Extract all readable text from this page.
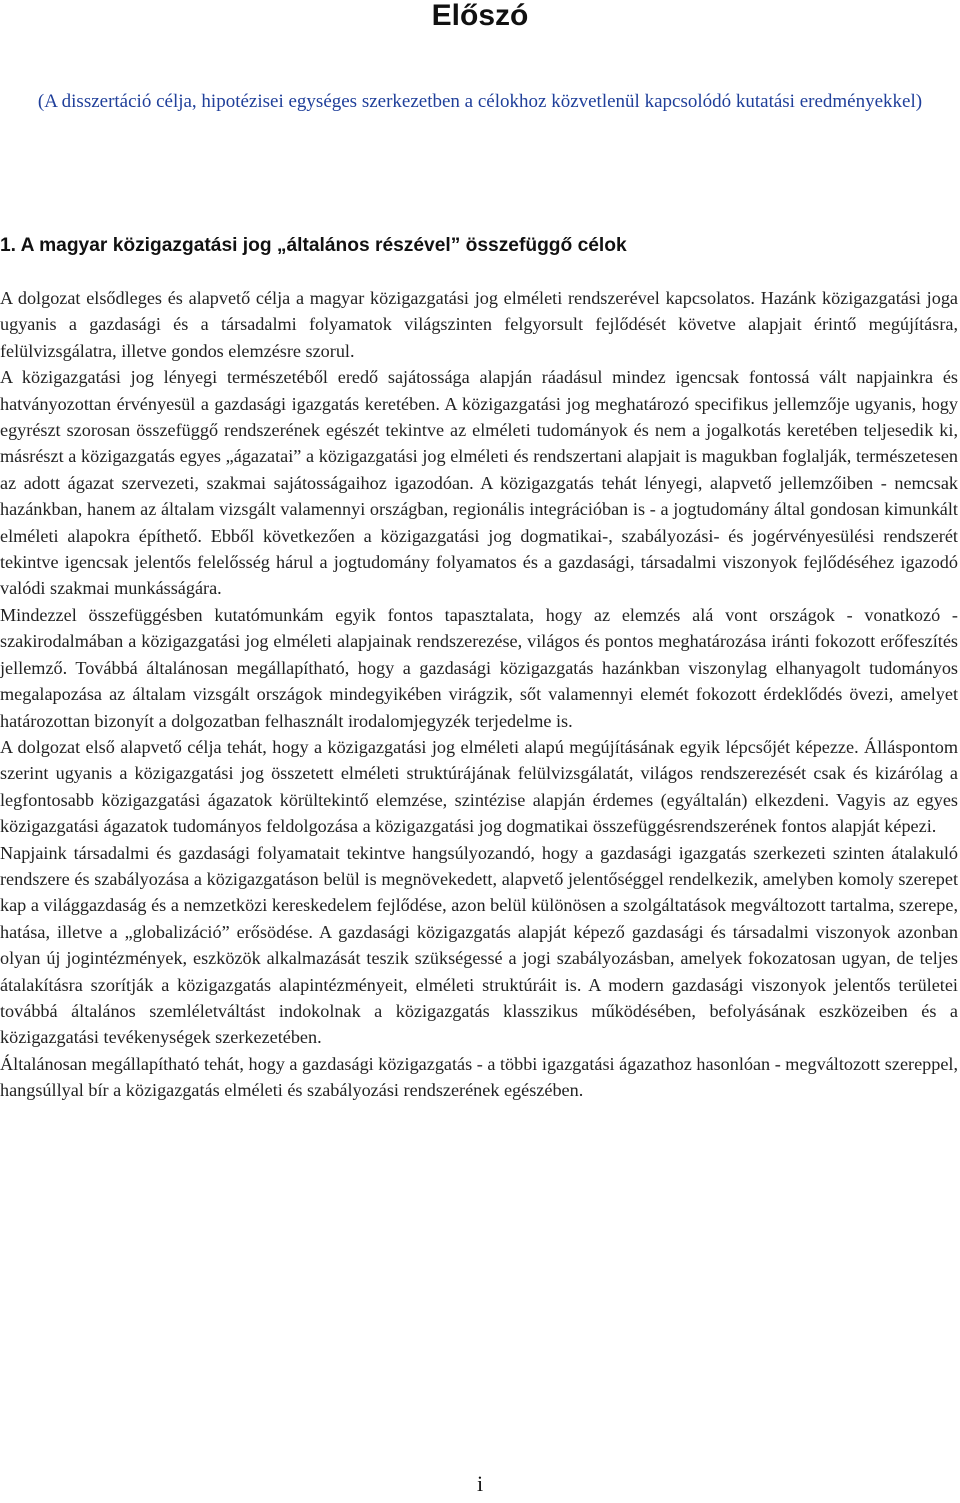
Előszó

(A disszertáció célja, hipotézisei egységes szerkezetben a célokhoz közvetlenül kapcsolódó kutatási eredményekkel)

1. A magyar közigazgatási jog „általános részével” összefüggő célok

A dolgozat elsődleges és alapvető célja a magyar közigazgatási jog elméleti rendszerével kapcsolatos. Hazánk közigazgatási joga ugyanis a gazdasági és a társadalmi folyamatok világszinten felgyorsult fejlődését követve alapjait érintő megújításra, felülvizsgálatra, illetve gondos elemzésre szorul.

A közigazgatási jog lényegi természetéből eredő sajátossága alapján ráadásul mindez igencsak fontossá vált napjainkra és hatványozottan érvényesül a gazdasági igazgatás keretében. A közigazgatási jog meghatározó specifikus jellemzője ugyanis, hogy egyrészt szorosan összefüggő rendszerének egészét tekintve az elméleti tudományok és nem a jogalkotás keretében teljesedik ki, másrészt a közigazgatás egyes „ágazatai” a közigazgatási jog elméleti és rendszertani alapjait is magukban foglalják, természetesen az adott ágazat szervezeti, szakmai sajátosságaihoz igazodóan. A közigazgatás tehát lényegi, alapvető jellemzőiben - nemcsak hazánkban, hanem az általam vizsgált valamennyi országban, regionális integrációban is - a jogtudomány által gondosan kimunkált elméleti alapokra építhető. Ebből következően a közigazgatási jog dogmatikai-, szabályozási- és jogérvényesülési rendszerét tekintve igencsak jelentős felelősség hárul a jogtudomány folyamatos és a gazdasági, társadalmi viszonyok fejlődéséhez igazodó valódi szakmai munkásságára.

Mindezzel összefüggésben kutatómunkám egyik fontos tapasztalata, hogy az elemzés alá vont országok - vonatkozó - szakirodalmában a közigazgatási jog elméleti alapjainak rendszerezése, világos és pontos meghatározása iránti fokozott erőfeszítés jellemző. Továbbá általánosan megállapítható, hogy a gazdasági közigazgatás hazánkban viszonylag elhanyagolt tudományos megalapozása az általam vizsgált országok mindegyikében virágzik, sőt valamennyi elemét fokozott érdeklődés övezi, amelyet határozottan bizonyít a dolgozatban felhasznált irodalomjegyzék terjedelme is.

A dolgozat első alapvető célja tehát, hogy a közigazgatási jog elméleti alapú megújításának egyik lépcsőjét képezze. Álláspontom szerint ugyanis a közigazgatási jog összetett elméleti struktúrájának felülvizsgálatát, világos rendszerezését csak és kizárólag a legfontosabb közigazgatási ágazatok körültekintő elemzése, szintézise alapján érdemes (egyáltalán) elkezdeni. Vagyis az egyes közigazgatási ágazatok tudományos feldolgozása a közigazgatási jog dogmatikai összefüggésrendszerének fontos alapját képezi.

Napjaink társadalmi és gazdasági folyamatait tekintve hangsúlyozandó, hogy a gazdasági igazgatás szerkezeti szinten átalakuló rendszere és szabályozása a közigazgatáson belül is megnövekedett, alapvető jelentőséggel rendelkezik, amelyben komoly szerepet kap a világgazdaság és a nemzetközi kereskedelem fejlődése, azon belül különösen a szolgáltatások megváltozott tartalma, szerepe, hatása, illetve a „globalizáció” erősödése. A gazdasági közigazgatás alapját képező gazdasági és társadalmi viszonyok azonban olyan új jogintézmények, eszközök alkalmazását teszik szükségessé a jogi szabályozásban, amelyek fokozatosan ugyan, de teljes átalakításra szorítják a közigazgatás alapintézményeit, elméleti struktúráit is. A modern gazdasági viszonyok jelentős területei továbbá általános szemléletváltást indokolnak a közigazgatás klasszikus működésében, befolyásának eszközeiben és a közigazgatási tevékenységek szerkezetében.

Általánosan megállapítható tehát, hogy a gazdasági közigazgatás - a többi igazgatási ágazathoz hasonlóan - megváltozott szereppel, hangsúllyal bír a közigazgatás elméleti és szabályozási rendszerének egészében.

i
